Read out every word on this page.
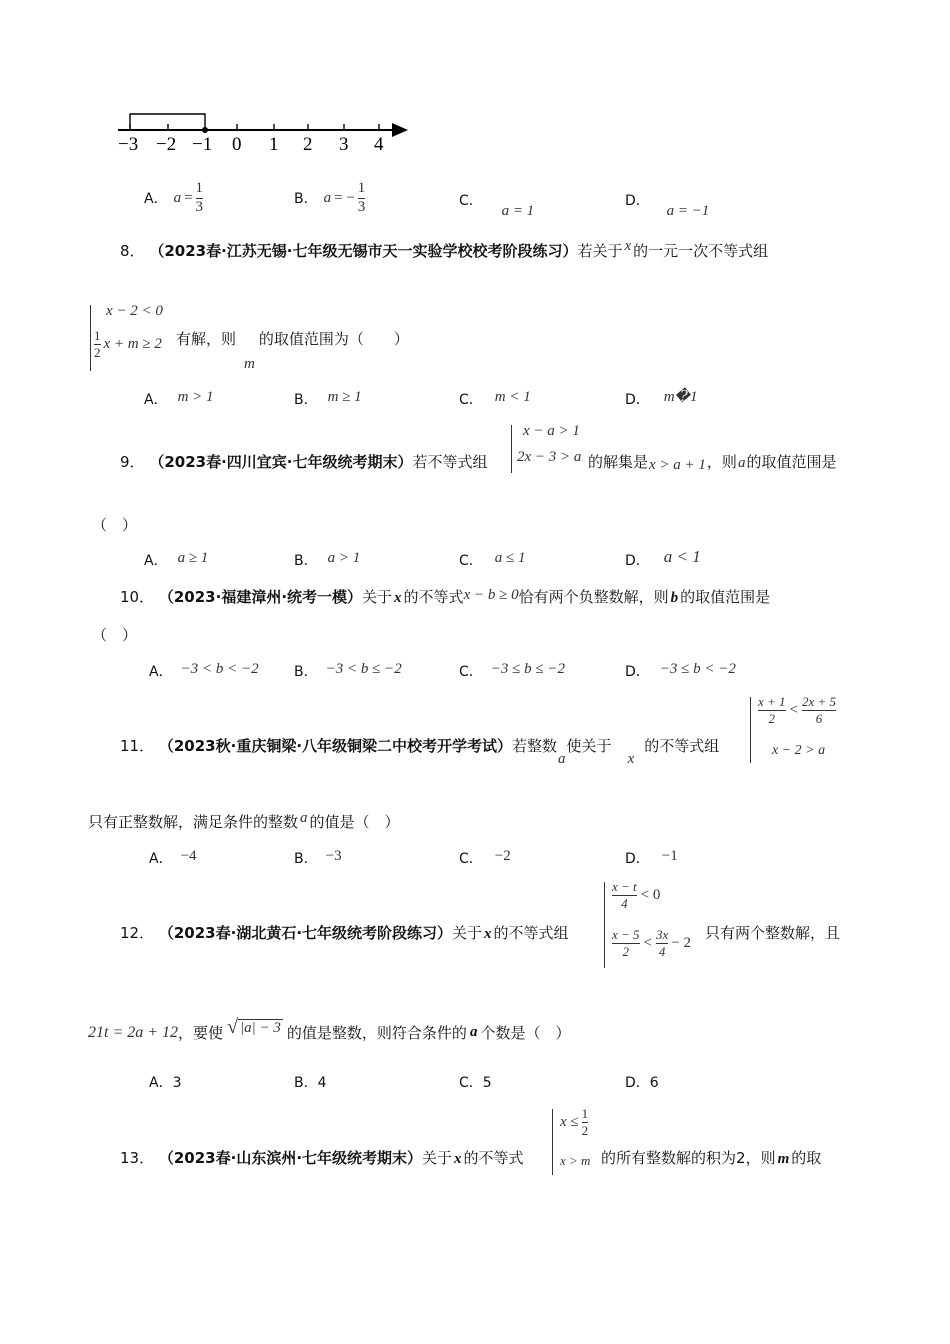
−3 −2 −1 0 1 2 3 4
A． $a = \frac{1}{3}$	B． a = − $\frac{1}{3}$	C． a = 1
D． a = −1
8． （2023春·江苏无锡·七年级无锡市天一实验学校校考阶段练习）若关于 x 的一元一次不等式组
x − 2 < 0
$\frac{1}{2}$ x + m ≥ 2 有解，则m的取值范围为（　　）
A． m > 1	B． m ≥ 1	C． m < 1	D． m�1
9． （2023春·四川宜宾·七年级统考期末）若不等式组
x − a > 1
2x − 3 > a 的解集是x > a + 1，则a的取值范围是
（　）
A． a ≥ 1	B． a > 1	C． a ≤ 1	D． a < 1
10． （2023·福建漳州·统考一模）关于 x 的不等式x − b ≥ 0恰有两个负整数解，则 b 的取值范围是
（　）
A． −3 < b < −2	B． −3 < b ≤ −2	C． −3 ≤ b ≤ −2	D． −3 ≤ b < −2
11． （2023秋·重庆铜梁·八年级铜梁二中校考开学考试）若整数a使关于x的不等式组
$\frac{x + 1}{2} < \frac{2x + 5}{6}$
x − 2 > a
只有正整数解，满足条件的整数 a 的值是（　）
A． −4	B． −3	C． −2	D． −1
12． （2023春·湖北黄石·七年级统考阶段练习）关于 x 的不等式组
$\frac{x - t}{4} < 0$
$\frac{x - 5}{2} < \frac{3x}{4} - 2$
只有两个整数解，且
21t = 2a + 12 ，要使 √ |a| − 3 的值是整数，则符合条件的 a 个数是（　）
A．3	B．4	C．5	D．6
13． （2023春·山东滨州·七年级统考期末）关于 x 的不等式
$x \le \frac{1}{2}$
x > m 的所有整数解的积为2，则 m 的取
